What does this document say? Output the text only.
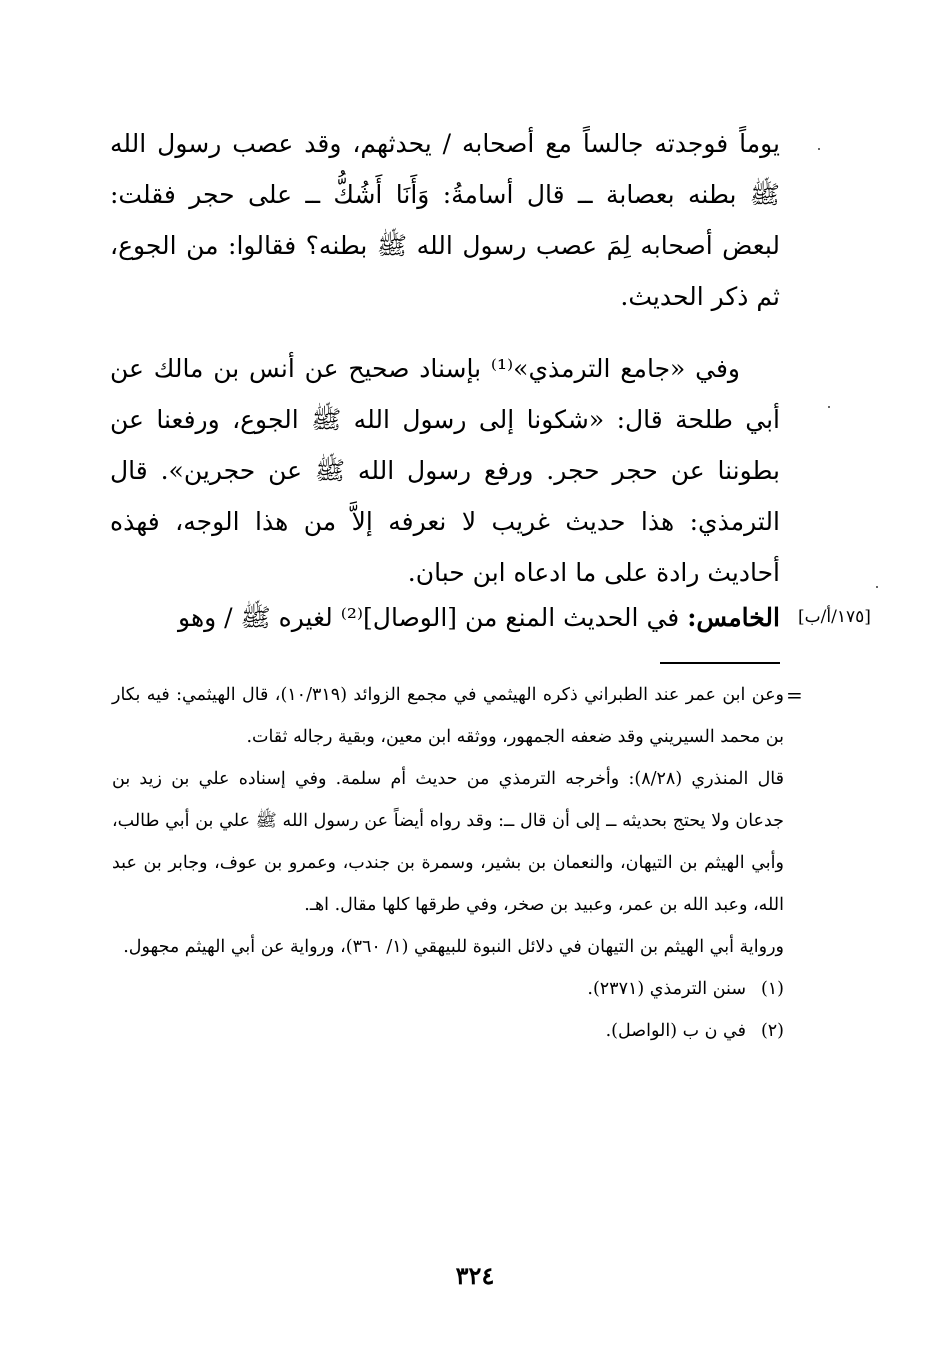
يوماً فوجدته جالساً مع أصحابه / يحدثهم، وقد عصب رسول الله ﷺ بطنه بعصابة ــ قال أسامةُ: وَأَنَا أَشُكُّ ــ على حجر فقلت: لبعض أصحابه لِمَ عصب رسول الله ﷺ بطنه؟ فقالوا: من الجوع، ثم ذكر الحديث.

وفي «جامع الترمذي»⁽¹⁾ بإسناد صحيح عن أنس بن مالك عن أبي طلحة قال: «شكونا إلى رسول الله ﷺ الجوع، ورفعنا عن بطوننا عن حجر حجر. ورفع رسول الله ﷺ عن حجرين». قال الترمذي: هذا حديث غريب لا نعرفه إلاَّ من هذا الوجه، فهذه أحاديث رادة على ما ادعاه ابن حبان.

الخامس: في الحديث المنع من [الوصال]⁽²⁾ لغيره ﷺ / وهو	[١٧٥/أ/ب]
=

وعن ابن عمر عند الطبراني ذكره الهيثمي في مجمع الزوائد (١٠/٣١٩)، قال الهيثمي: فيه بكار بن محمد السيريني وقد ضعفه الجمهور، ووثقه ابن معين، وبقية رجاله ثقات.

قال المنذري (٨/٢٨): وأخرجه الترمذي من حديث أم سلمة. وفي إسناده علي بن زيد بن جدعان ولا يحتج بحديثه ــ إلى أن قال ــ: وقد رواه أيضاً عن رسول الله ﷺ علي بن أبي طالب، وأبي الهيثم بن التيهان، والنعمان بن بشير، وسمرة بن جندب، وعمرو بن عوف، وجابر بن عبد الله، وعبد الله بن عمر، وعبيد بن صخر، وفي طرقها كلها مقال. اهـ.

ورواية أبي الهيثم بن التيهان في دلائل النبوة للبيهقي (١/ ٣٦٠)، ورواية عن أبي الهيثم مجهول.

(١)سنن الترمذي (٢٣٧١).

(٢)في ن ب (الواصل).

٣٢٤
